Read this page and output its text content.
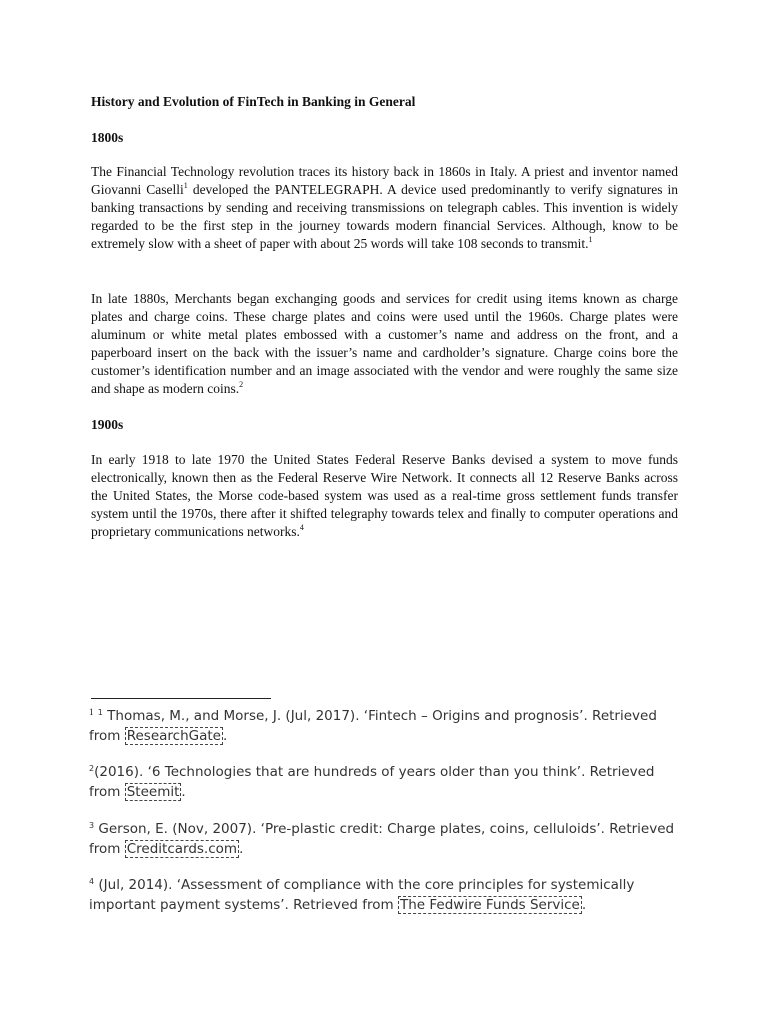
History and Evolution of FinTech in Banking in General
1800s

The Financial Technology revolution traces its history back in 1860s in Italy. A priest and inventor named Giovanni Caselli$^1$ developed the PANTELEGRAPH. A device used predominantly to verify signatures in banking transactions by sending and receiving transmissions on telegraph cables. This invention is widely regarded to be the first step in the journey towards modern financial Services. Although, know to be extremely slow with a sheet of paper with about 25 words will take 108 seconds to transmit.$^1$

In late 1880s, Merchants began exchanging goods and services for credit using items known as charge plates and charge coins. These charge plates and coins were used until the 1960s. Charge plates were aluminum or white metal plates embossed with a customer’s name and address on the front, and a paperboard insert on the back with the issuer’s name and cardholder’s signature. Charge coins bore the customer’s identification number and an image associated with the vendor and were roughly the same size and shape as modern coins.$^2$

1900s

In early 1918 to late 1970 the United States Federal Reserve Banks devised a system to move funds electronically, known then as the Federal Reserve Wire Network. It connects all 12 Reserve Banks across the United States, the Morse code-based system was used as a real-time gross settlement funds transfer system until the 1970s, there after it shifted telegraphy towards telex and finally to computer operations and proprietary communications networks.$^4$

$^1$ $^1$ Thomas, M., and Morse, J. (Jul, 2017). ‘Fintech – Origins and prognosis’. Retrieved from ResearchGate .

$^2$(2016). ‘6 Technologies that are hundreds of years older than you think’. Retrieved from Steemit .

$^3$ Gerson, E. (Nov, 2007). ‘Pre-plastic credit: Charge plates, coins, celluloids’. Retrieved from Creditcards.com .

$^4$ (Jul, 2014). ‘Assessment of compliance with the core principles for systemically important payment systems’. Retrieved from The Fedwire Funds Service .
